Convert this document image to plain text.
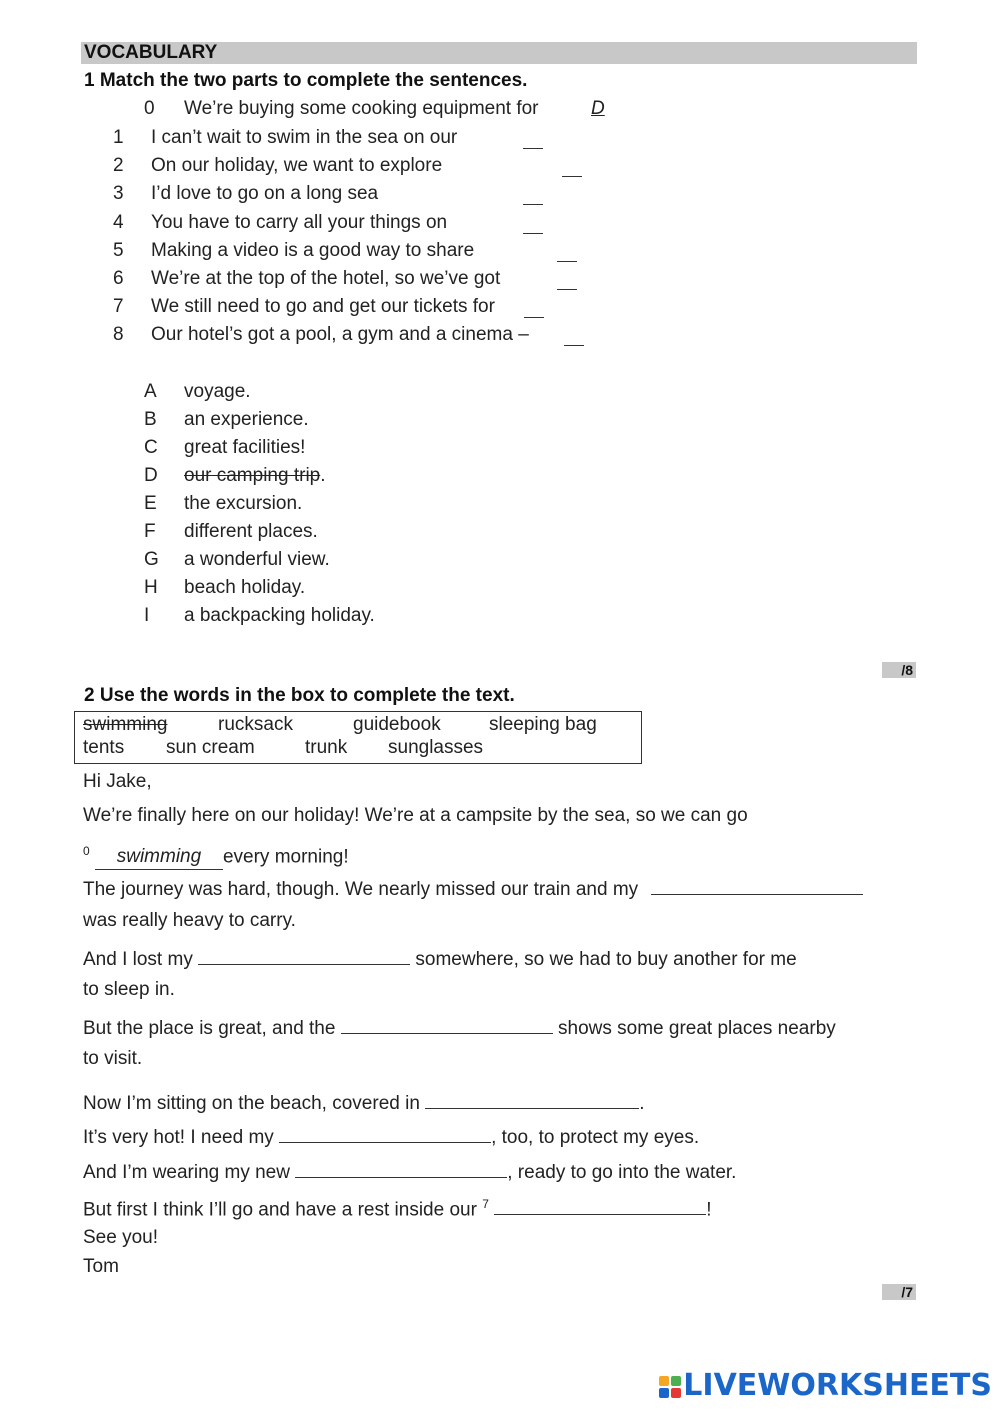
VOCABULARY
1 Match the two parts to complete the sentences.
0 We’re buying some cooking equipment for	D
1 I can’t wait to swim in the sea on our
2 On our holiday, we want to explore
3 I’d love to go on a long sea
4 You have to carry all your things on
5 Making a video is a good way to share
6 We’re at the top of the hotel, so we’ve got
7 We still need to go and get our tickets for
8 Our hotel’s got a pool, a gym and a cinema –
A voyage.
B an experience.
C great facilities!
D our camping trip.
E the excursion.
F different places.
G a wonderful view.
H beach holiday.
I a backpacking holiday.
/8
2 Use the words in the box to complete the text.
swimming	rucksack	guidebook	sleeping bag
tents sun cream	trunk sunglasses
Hi Jake,
We’re finally here on our holiday! We’re at a campsite by the sea, so we can go
$^0$ swimming every morning!
The journey was hard, though. We nearly missed our train and my
was really heavy to carry.
And I lost my	somewhere, so we had to buy another for me
to sleep in.
But the place is great, and the	shows some great places nearby
to visit.
Now I’m sitting on the beach, covered in	.
It’s very hot! I need my	, too, to protect my eyes.
And I’m wearing my new	, ready to go into the water.
But first I think I’ll go and have a rest inside our $^7$	!
See you!
Tom
/7
LIVEWORKSHEETS
